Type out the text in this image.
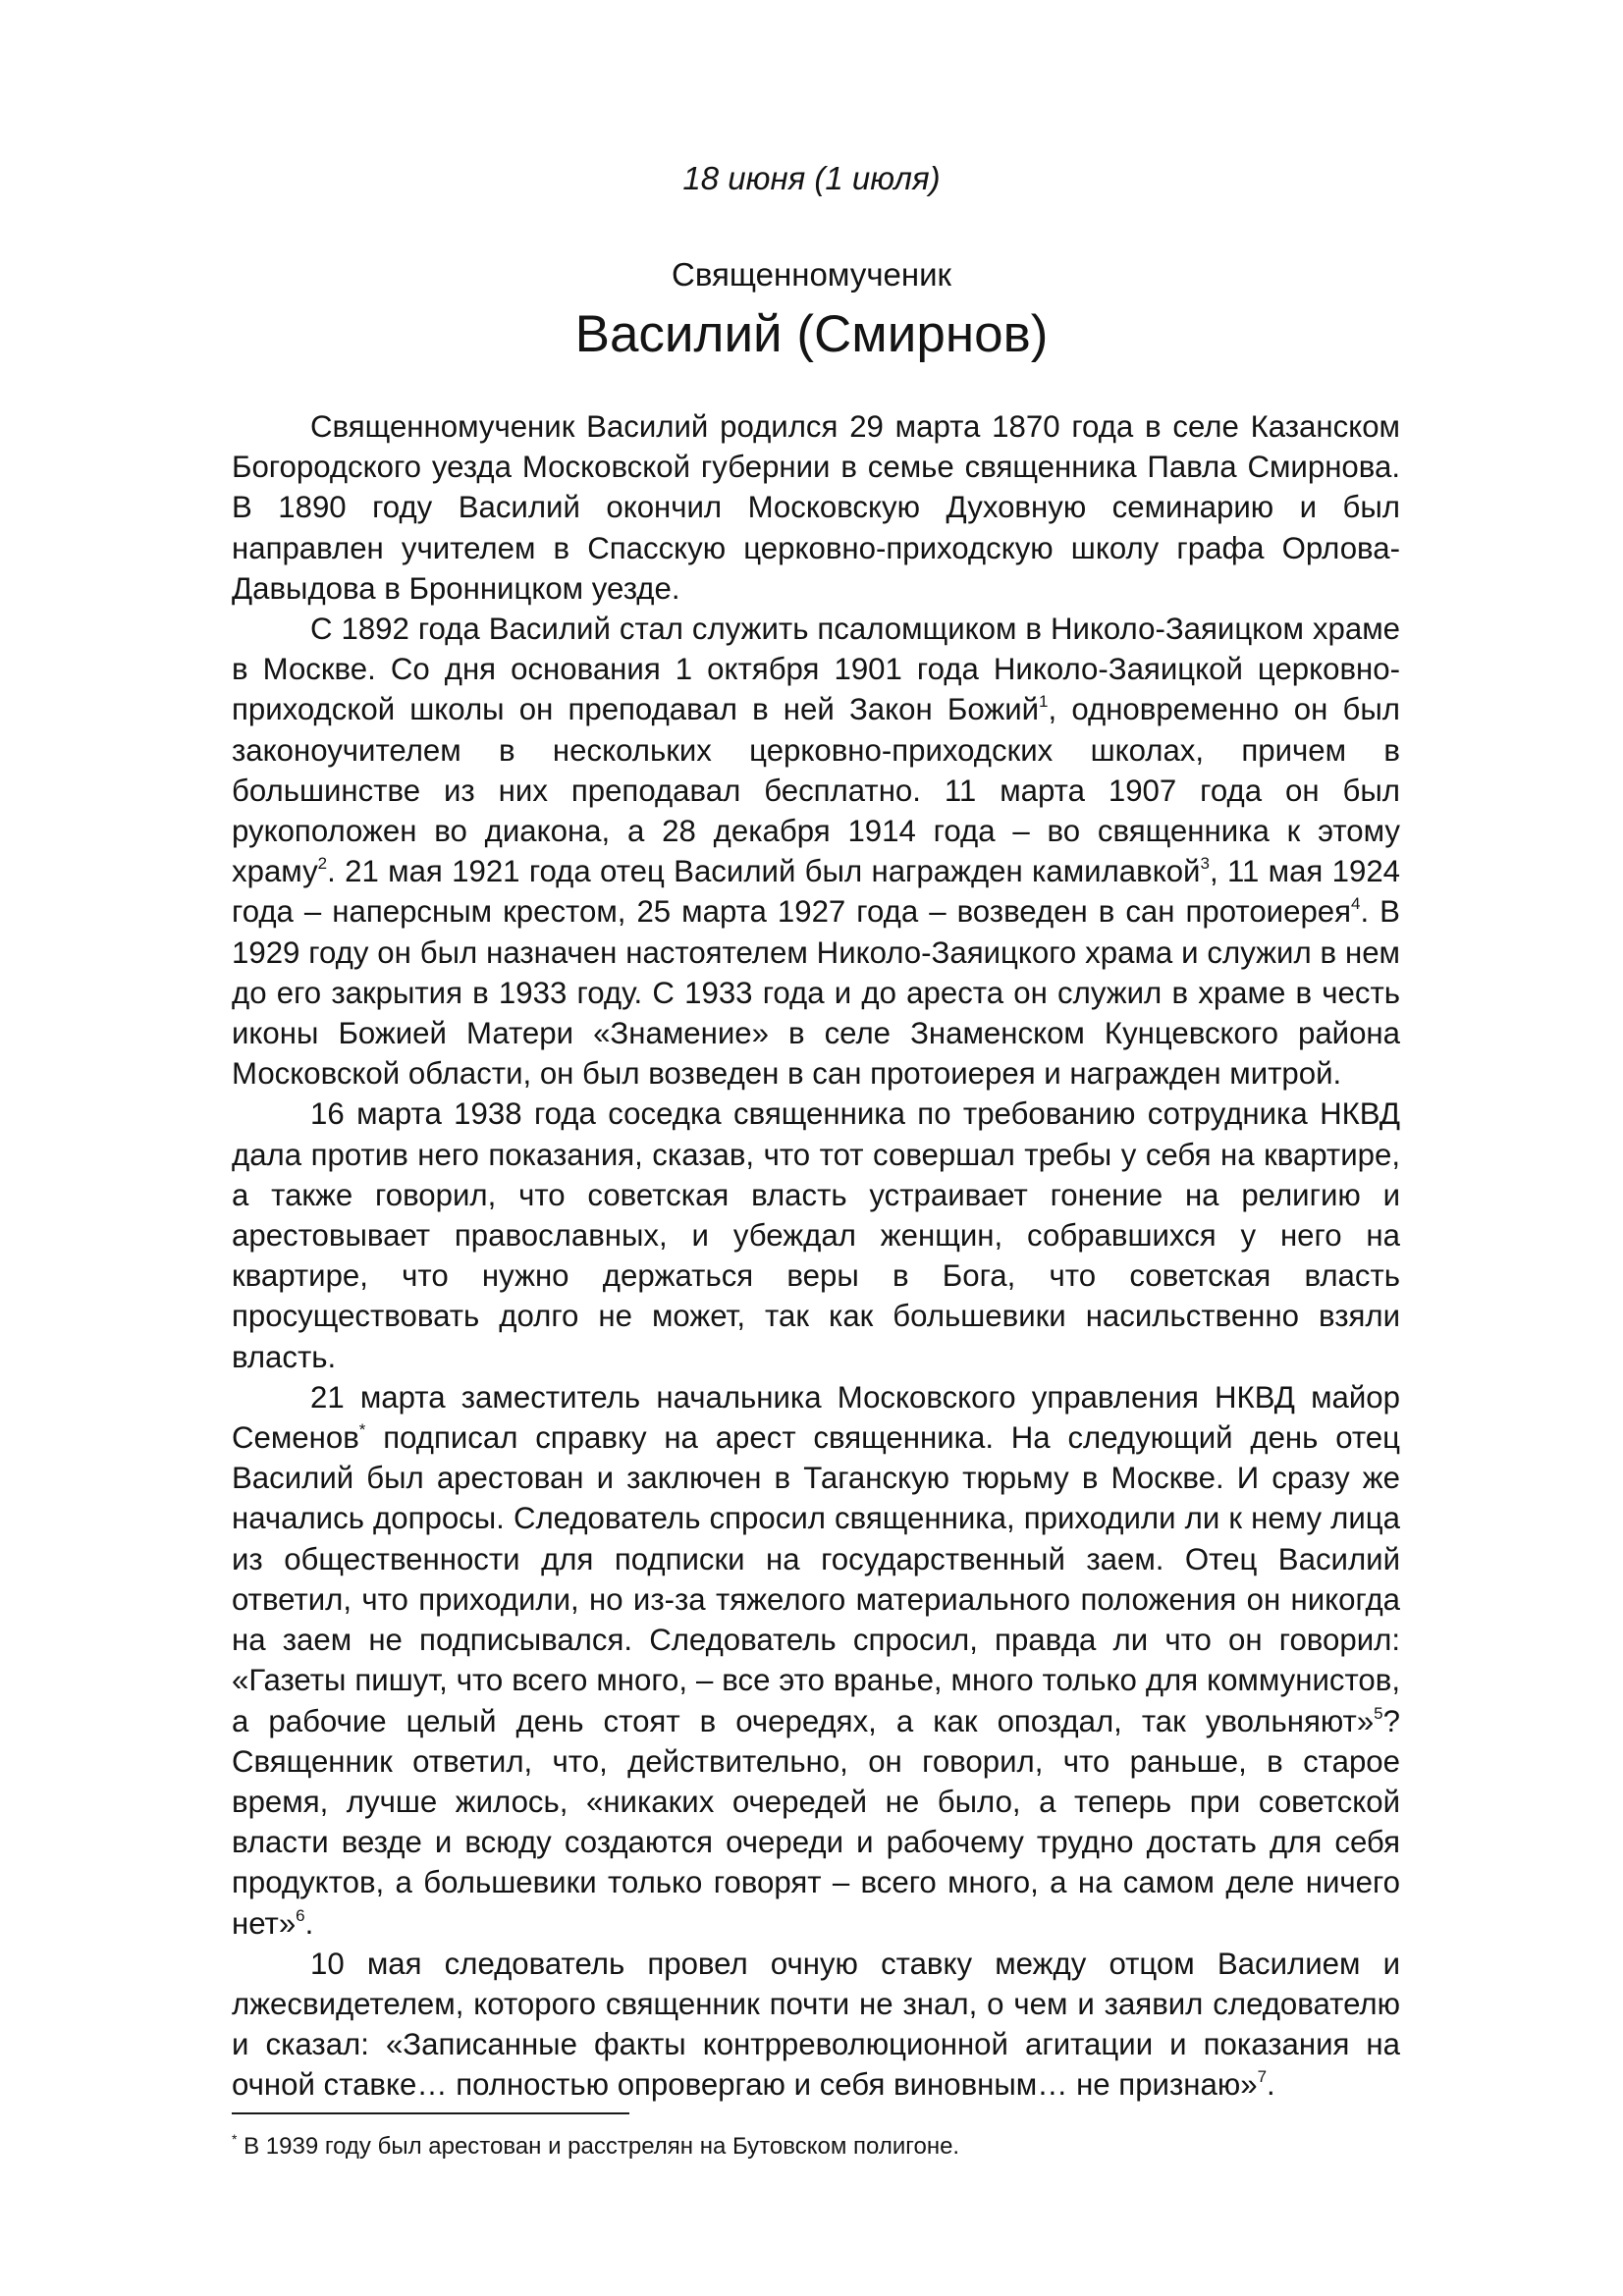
18 июня (1 июля)
Священномученик
Василий (Смирнов)

Священномученик Василий родился 29 марта 1870 года в селе Казанском Богородского уезда Московской губернии в семье священника Павла Смирнова. В 1890 году Василий окончил Московскую Духовную семинарию и был направлен учителем в Спасскую церковно-приходскую школу графа Орлова-Давыдова в Бронницком уезде.

С 1892 года Василий стал служить псаломщиком в Николо-Заяицком храме в Москве. Со дня основания 1 октября 1901 года Николо-Заяицкой церковно-приходской школы он преподавал в ней Закон Божий$^1$, одновременно он был законоучителем в нескольких церковно-приходских школах, причем в большинстве из них преподавал бесплатно. 11 марта 1907 года он был рукоположен во диакона, а 28 декабря 1914 года – во священника к этому храму$^2$. 21 мая 1921 года отец Василий был награжден камилавкой$^3$, 11 мая 1924 года – наперсным крестом, 25 марта 1927 года – возведен в сан протоиерея$^4$. В 1929 году он был назначен настоятелем Николо-Заяицкого храма и служил в нем до его закрытия в 1933 году. С 1933 года и до ареста он служил в храме в честь иконы Божией Матери «Знамение» в селе Знаменском Кунцевского района Московской области, он был возведен в сан протоиерея и награжден митрой.

16 марта 1938 года соседка священника по требованию сотрудника НКВД дала против него показания, сказав, что тот совершал требы у себя на квартире, а также говорил, что советская власть устраивает гонение на религию и арестовывает православных, и убеждал женщин, собравшихся у него на квартире, что нужно держаться веры в Бога, что советская власть просуществовать долго не может, так как большевики насильственно взяли власть.

21 марта заместитель начальника Московского управления НКВД майор Семенов* подписал справку на арест священника. На следующий день отец Василий был арестован и заключен в Таганскую тюрьму в Москве. И сразу же начались допросы. Следователь спросил священника, приходили ли к нему лица из общественности для подписки на государственный заем. Отец Василий ответил, что приходили, но из-за тяжелого материального положения он никогда на заем не подписывался. Следователь спросил, правда ли что он говорил: «Газеты пишут, что всего много, – все это вранье, много только для коммунистов, а рабочие целый день стоят в очередях, а как опоздал, так увольняют»$^5$? Священник ответил, что, действительно, он говорил, что раньше, в старое время, лучше жилось, «никаких очередей не было, а теперь при советской власти везде и всюду создаются очереди и рабочему трудно достать для себя продуктов, а большевики только говорят – всего много, а на самом деле ничего нет»$^6$.

10 мая следователь провел очную ставку между отцом Василием и лжесвидетелем, которого священник почти не знал, о чем и заявил следователю и сказал: «Записанные факты контрреволюционной агитации и показания на очной ставке… полностью опровергаю и себя виновным… не признаю»$^7$.

* В 1939 году был арестован и расстрелян на Бутовском полигоне.
